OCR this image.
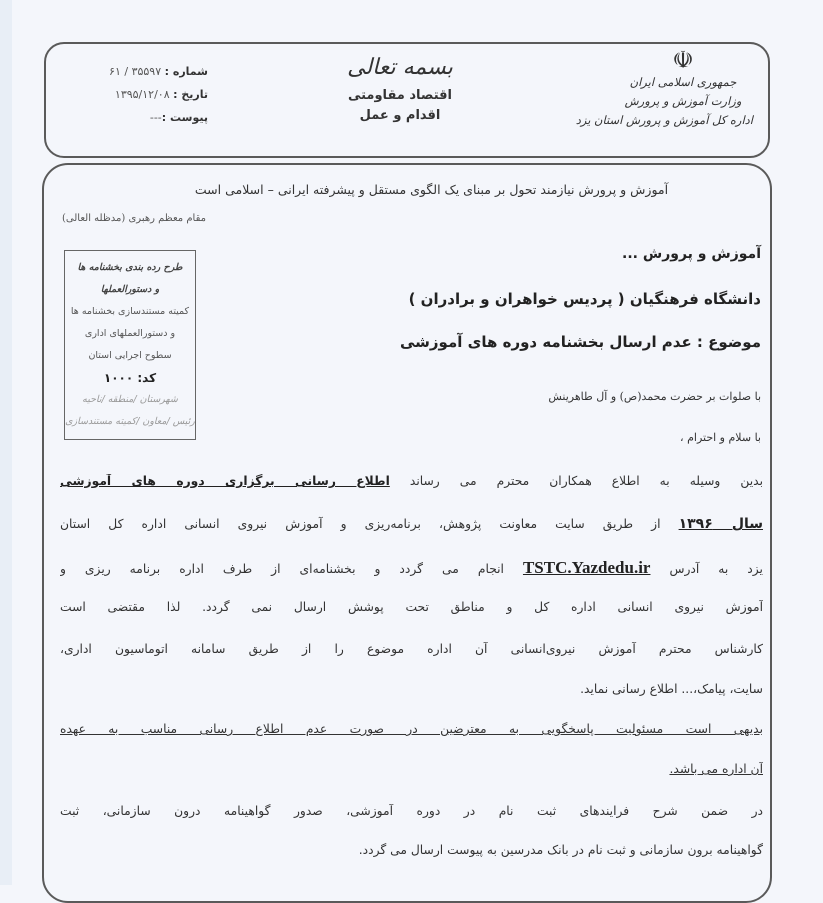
☫
جمهوری اسلامی ایران
وزارت آموزش و پرورش
اداره کل آموزش و پرورش استان یزد
بسمه تعالی
اقتصاد مقاومتی
اقدام و عمل
شماره : ۳۵۵۹۷ / ۶۱
تاریخ : ۱۳۹۵/۱۲/۰۸
پیوست :---
آموزش و پرورش نیازمند تحول بر مبنای یک الگوی مستقل و پیشرفته ایرانی – اسلامی است
مقام معظم رهبری (مدظله العالی)
طرح رده بندی بخشنامه ها
و دستورالعملها
کمیته مستندسازی بخشنامه ها
و دستورالعملهای اداری
سطوح اجرایی استان
کد: ۱۰۰۰
شهرستان /منطقه /ناحیه
رئیس /معاون /کمیته مستندسازی
آموزش و پرورش ...
دانشگاه فرهنگیان ( پردیس خواهران و برادران )
موضوع : عدم ارسال بخشنامه دوره های آموزشی
با صلوات بر حضرت محمد(ص) و آل طاهرینش
با سلام و احترام ،
بدین وسیله به اطلاع همکاران محترم می رساند اطلاع رسانی برگزاری دوره های آموزشی
سال ۱۳۹۶ از طریق سایت معاونت پژوهش، برنامه‌ریزی و آموزش نیروی انسانی اداره کل استان
یزد به آدرس TSTC.Yazdedu.ir انجام می گردد و بخشنامه‌ای از طرف اداره برنامه ریزی و
آموزش نیروی انسانی اداره کل و مناطق تحت پوشش ارسال نمی گردد. لذا مقتضی است
کارشناس محترم آموزش نیروی‌انسانی آن اداره موضوع را از طریق سامانه اتوماسیون اداری،
سایت، پیامک،... اطلاع رسانی نماید.
بدیهی است مسئولیت پاسخگویی به معترضین در صورت عدم اطلاع رسانی مناسب به عهده
آن اداره می باشد.
در ضمن شرح فرایندهای ثبت نام در دوره آموزشی، صدور گواهینامه درون سازمانی، ثبت
گواهینامه برون سازمانی و ثبت نام در بانک مدرسین به پیوست ارسال می گردد.
